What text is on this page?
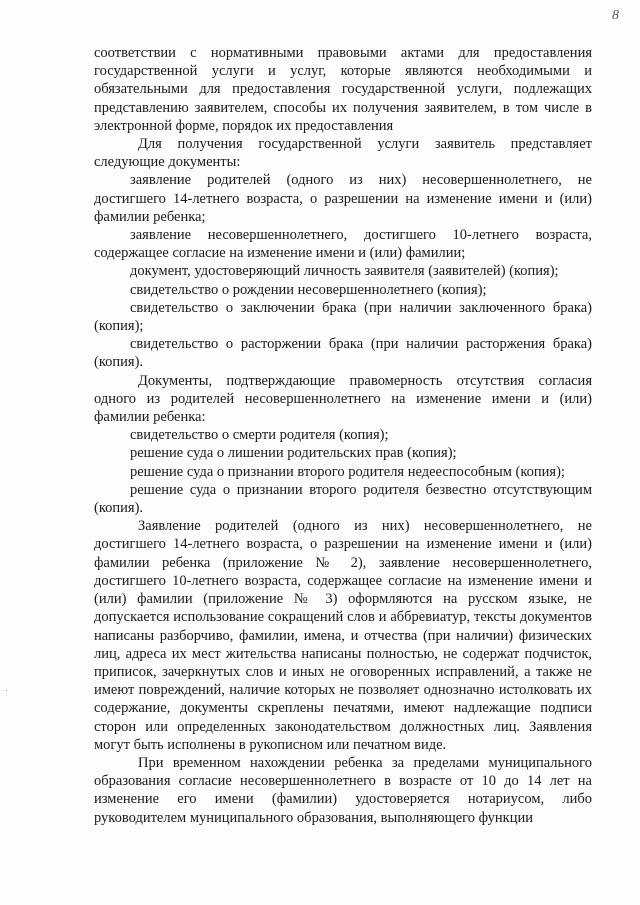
8

соответствии с нормативными правовыми актами для предоставления государственной услуги и услуг, которые являются необходимыми и обязательными для предоставления государственной услуги, подлежащих представлению заявителем, способы их получения заявителем, в том числе в электронной форме, порядок их предоставления

Для получения государственной услуги заявитель представляет следующие документы:

заявление родителей (одного из них) несовершеннолетнего, не достигшего 14-летнего возраста, о разрешении на изменение имени и (или) фамилии ребенка;

заявление несовершеннолетнего, достигшего 10-летнего возраста, содержащее согласие на изменение имени и (или) фамилии;

документ, удостоверяющий личность заявителя (заявителей) (копия);

свидетельство о рождении несовершеннолетнего (копия);

свидетельство о заключении брака (при наличии заключенного брака) (копия);

свидетельство о расторжении брака (при наличии расторжения брака) (копия).

Документы, подтверждающие правомерность отсутствия согласия одного из родителей несовершеннолетнего на изменение имени и (или) фамилии ребенка:

свидетельство о смерти родителя (копия);

решение суда о лишении родительских прав (копия);

решение суда о признании второго родителя недееспособным (копия);

решение суда о признании второго родителя безвестно отсутствующим (копия).

Заявление родителей (одного из них) несовершеннолетнего, не достигшего 14-летнего возраста, о разрешении на изменение имени и (или) фамилии ребенка (приложение № 2), заявление несовершеннолетнего, достигшего 10-летнего возраста, содержащее согласие на изменение имени и (или) фамилии (приложение № 3) оформляются на русском языке, не допускается использование сокращений слов и аббревиатур, тексты документов написаны разборчиво, фамилии, имена, и отчества (при наличии) физических лиц, адреса их мест жительства написаны полностью, не содержат подчисток, приписок, зачеркнутых слов и иных не оговоренных исправлений, а также не имеют повреждений, наличие которых не позволяет однозначно истолковать их содержание, документы скреплены печатями, имеют надлежащие подписи сторон или определенных законодательством должностных лиц. Заявления могут быть исполнены в рукописном или печатном виде.

При временном нахождении ребенка за пределами муниципального образования согласие несовершеннолетнего в возрасте от 10 до 14 лет на изменение его имени (фамилии) удостоверяется нотариусом, либо руководителем муниципального образования, выполняющего функции
